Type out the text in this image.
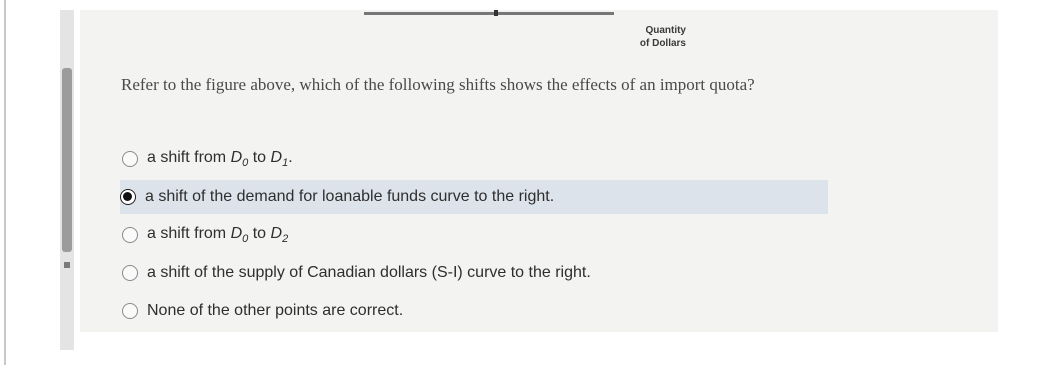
Quantity
of Dollars
Refer to the figure above, which of the following shifts shows the effects of an import quota?
a shift from $D_0$ to $D_1$.
a shift of the demand for loanable funds curve to the right.
a shift from $D_0$ to $D_2$
a shift of the supply of Canadian dollars (S-I) curve to the right.
None of the other points are correct.
